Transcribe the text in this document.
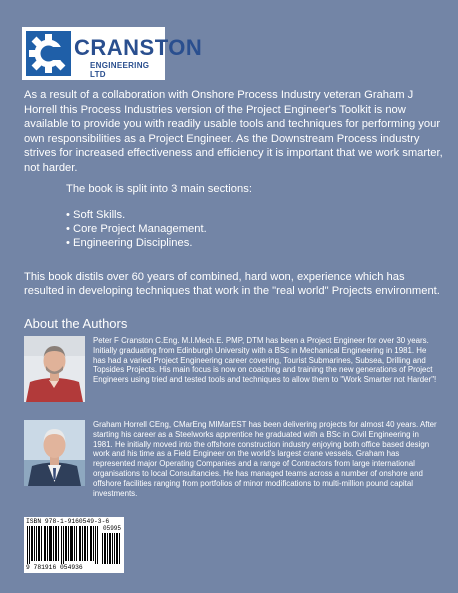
CRANSTON
ENGINEERING LTD

As a result of a collaboration with Onshore Process Industry veteran Graham J Horrell this Process Industries version of the Project Engineer's Toolkit is now available to provide you with readily usable tools and techniques for performing your own responsibilities as a Project Engineer. As the Downstream Process industry strives for increased effectiveness and efficiency it is important that we work smarter, not harder.

The book is split into 3 main sections:

• Soft Skills.
• Core Project Management.
• Engineering Disciplines.

This book distils over 60 years of combined, hard won, experience which has resulted in developing techniques that work in the "real world" Projects environment.

About the Authors

Peter F Cranston C.Eng. M.I.Mech.E. PMP, DTM has been a Project Engineer for over 30 years. Initially graduating from Edinburgh University with a BSc in Mechanical Engineering in 1981. He has had a varied Project Engineering career covering, Tourist Submarines, Subsea, Drilling and Topsides Projects. His main focus is now on coaching and training the new generations of Project Engineers using tried and tested tools and techniques to allow them to "Work Smarter not Harder"!

Graham Horrell CEng, CMarEng MIMarEST has been delivering projects for almost 40 years. After starting his career as a Steelworks apprentice he graduated with a BSc in Civil Engineering in 1981. He initially moved into the offshore construction industry enjoying both office based design work and his time as a Field Engineer on the world's largest crane vessels. Graham has represented major Operating Companies and a range of Contractors from large international organisations to local Consultancies. He has managed teams across a number of onshore and offshore facilities ranging from portfolios of minor modifications to multi-million pound capital investments.

ISBN 978-1-9160549-3-6
05995
9 781916 054936
